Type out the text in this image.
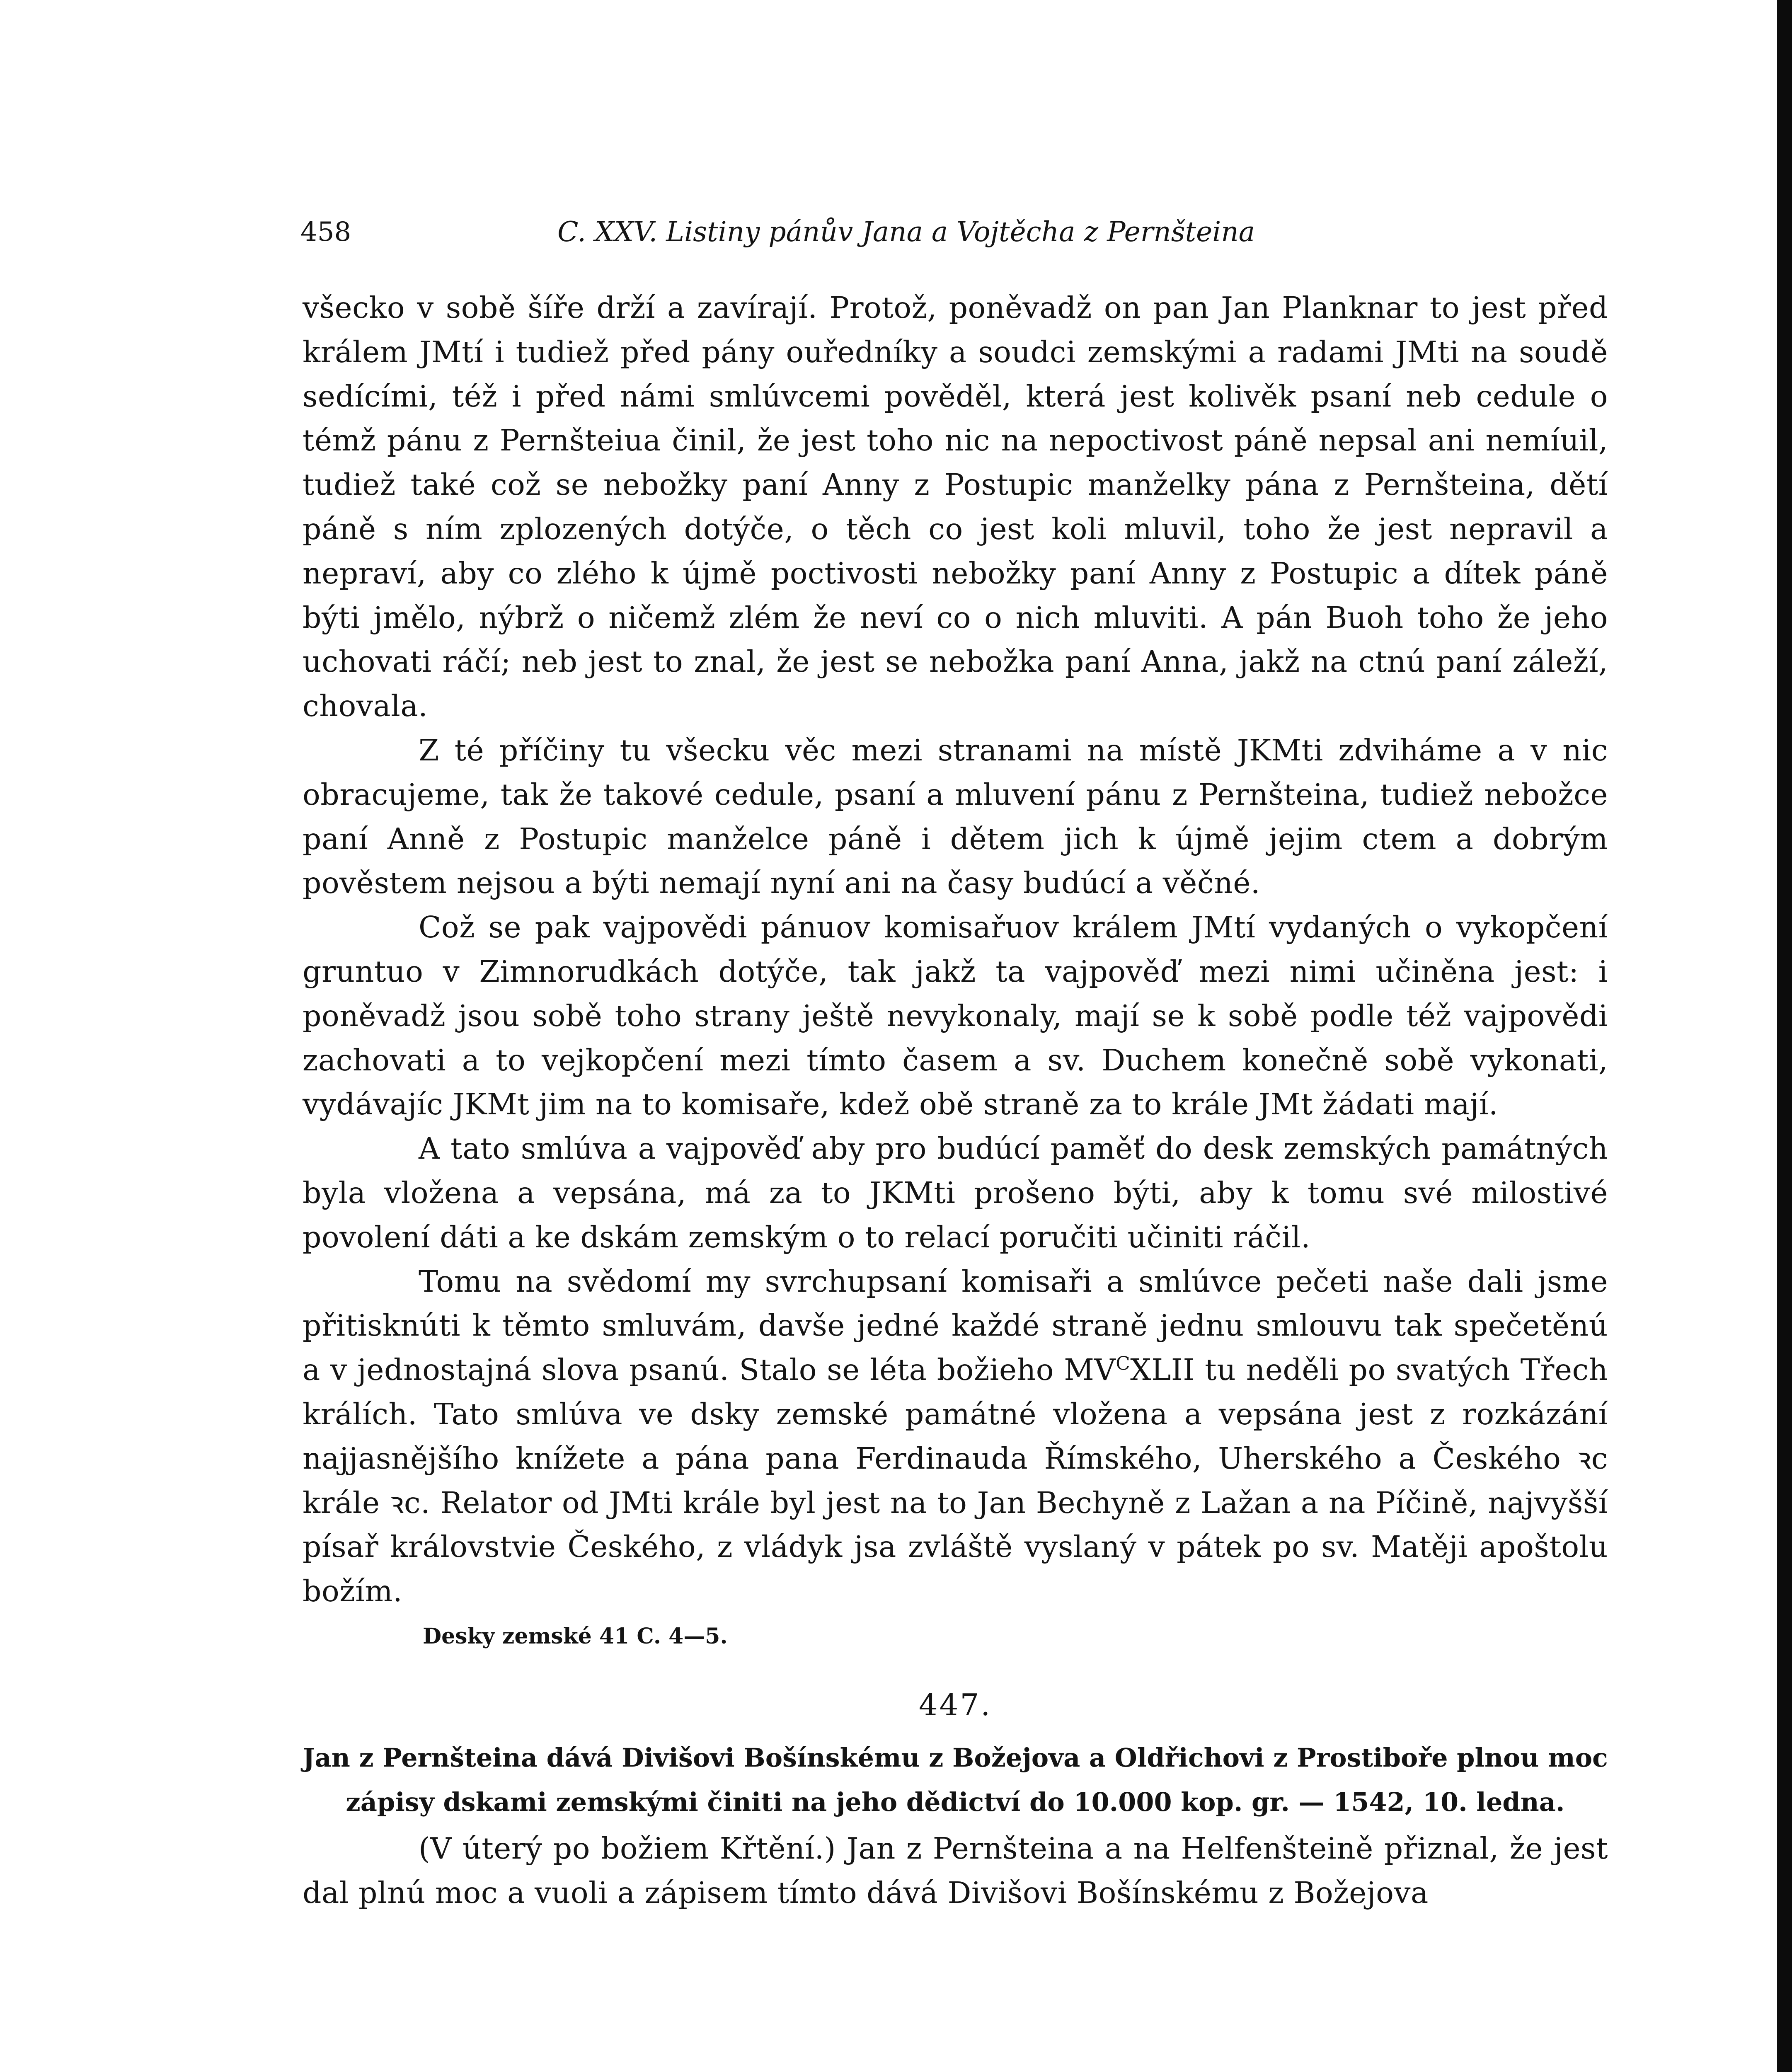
458	C. XXV. Listiny pánův Jana a Vojtěcha z Pernšteina

všecko v sobě šíře drží a zavírají. Protož, poněvadž on pan Jan Planknar to jest před králem JMtí i tudiež před pány ouředníky a soudci zemskými a radami JMti na soudě sedícími, též i před námi smlúvcemi pověděl, která jest kolivěk psaní neb cedule o témž pánu z Pernšteiua činil, že jest toho nic na nepoctivost páně nepsal ani nemíuil, tudiež také což se nebožky paní Anny z Postupic manželky pána z Pernšteina, dětí páně s ním zplozených dotýče, o těch co jest koli mluvil, toho že jest nepravil a nepraví, aby co zlého k újmě poctivosti nebožky paní Anny z Postupic a dítek páně býti jmělo, nýbrž o ničemž zlém že neví co o nich mluviti. A pán Buoh toho že jeho uchovati ráčí; neb jest to znal, že jest se nebožka paní Anna, jakž na ctnú paní záleží, chovala.

Z té příčiny tu všecku věc mezi stranami na místě JKMti zdviháme a v nic obracujeme, tak že takové cedule, psaní a mluvení pánu z Pernšteina, tudiež nebožce paní Anně z Postupic manželce páně i dětem jich k újmě jejim ctem a dobrým pověstem nejsou a býti nemají nyní ani na časy budúcí a věčné.

Což se pak vajpovědi pánuov komisařuov králem JMtí vydaných o vykopčení gruntuo v Zimnorudkách dotýče, tak jakž ta vajpověď mezi nimi učiněna jest: i poněvadž jsou sobě toho strany ještě nevykonaly, mají se k sobě podle též vajpovědi zachovati a to vejkopčení mezi tímto časem a sv. Duchem konečně sobě vykonati, vydávajíc JKMt jim na to komisaře, kdež obě straně za to krále JMt žádati mají.

A tato smlúva a vajpověď aby pro budúcí paměť do desk zemských památných byla vložena a vepsána, má za to JKMti prošeno býti, aby k tomu své milostivé povolení dáti a ke dskám zemským o to relací poručiti učiniti ráčil.

Tomu na svědomí my svrchupsaní komisaři a smlúvce pečeti naše dali jsme přitisknúti k těmto smluvám, davše jedné každé straně jednu smlouvu tak spečetěnú a v jednostajná slova psanú. Stalo se léta božieho $MV^CXLII$ tu neděli po svatých Třech králích. Tato smlúva ve dsky zemské památné vložena a vepsána jest z rozkázání najjasnějšího knížete a pána pana Ferdinauda Římského, Uherského a Českého ꝛc krále ꝛc. Relator od JMti krále byl jest na to Jan Bechyně z Lažan a na Píčině, najvyšší písař královstvie Českého, z vládyk jsa zvláště vyslaný v pátek po sv. Matěji apoštolu božím.

Desky zemské 41 C. 4—5.

447.
Jan z Pernšteina dává Divišovi Bošínskému z Božejova a Oldřichovi z Prostiboře plnou moc
zápisy dskami zemskými činiti na jeho dědictví do 10.000 kop. gr. — 1542, 10. ledna.

(V úterý po božiem Křtění.) Jan z Pernšteina a na Helfenšteině přiznal, že jest dal plnú moc a vuoli a zápisem tímto dává Divišovi Bošínskému z Božejova
